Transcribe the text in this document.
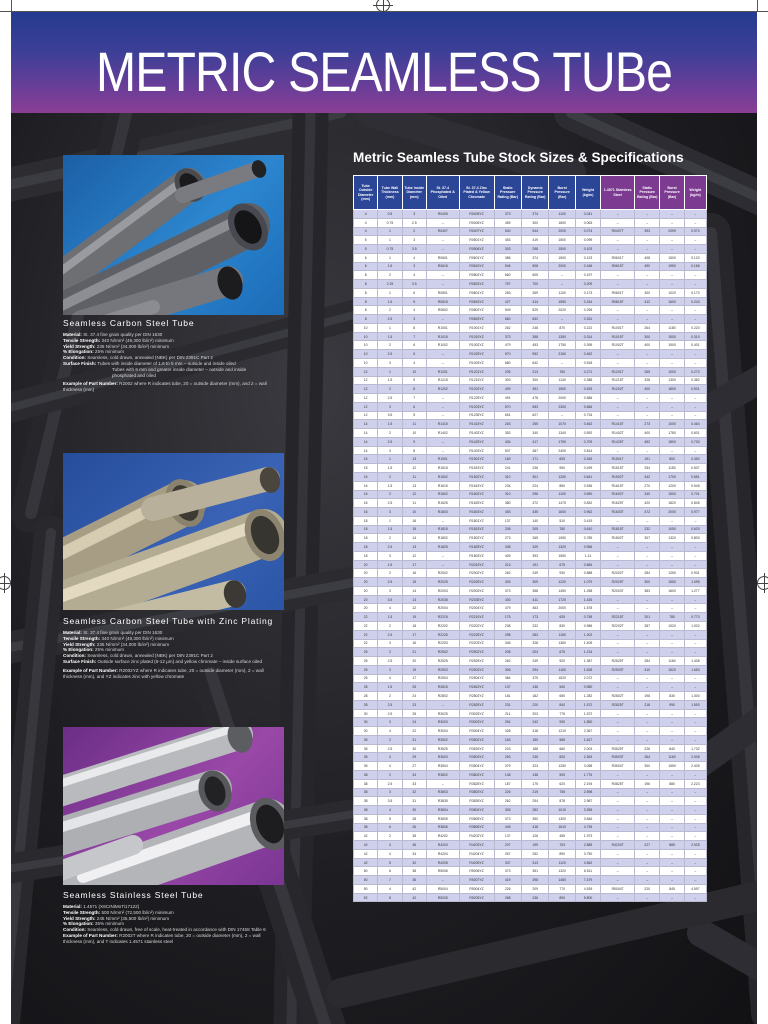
METRIC SEAMLESS TUBe
Seamless Carbon Steel Tube
Material: St. 37.4 fine grain quality per DIN 1630
Tensile Strength: 340 N/mm² (49,300 lb/in²) minimum
Yield Strength: 235 N/mm² (34,000 lb/in²) minimum
% Elongation: 25% minimum
Condition: Seamless, cold drawn, annealed (NBK) per DIN 2391C Part 2
Surface Finish: Tubes with inside diameter of 1.6 to 5 mm – outside and inside oiled
Tubes with 6 mm and greater inside diameter – outside and inside phosphated and oiled
Example of Part Number: R2002 where R indicates tube, 20 = outside diameter (mm), and 2 = wall thickness (mm)
Seamless Carbon Steel Tube with Zinc Plating
Material: St. 37.4 fine grain quality per DIN 1630
Tensile Strength: 340 N/mm² (49,300 lb/in²) minimum
Yield Strength: 235 N/mm² (34,000 lb/in²) minimum
% Elongation: 25% minimum
Condition: Seamless, cold drawn, annealed (NBK) per DIN 2391C Part 2
Surface Finish: Outside surface zinc plated (8-12 µm) and yellow chromate – inside surface oiled
Example of Part Number: R2002YZ where R indicates tube, 20 = outside diameter (mm), 2 = wall thickness (mm), and YZ indicates zinc with yellow chromate
Seamless Stainless Steel Tube
Material: 1.4571 (X6CrNiMoTi17122)
Tensile Strength: 500 N/mm² (72,500 lb/in²) minimum
Yield Strength: 245 N/mm² (35,500 lb/in²) minimum
% Elongation: 35% minimum
Condition: Seamless, cold drawn, free of scale, heat-treated in accordance with DIN 17458 Table 6
Example of Part Number: R2002T where R indicates tube, 20 = outside diameter (mm), 2 = wall thickness (mm), and T indicates 1.4571 stainless steel
Metric Seamless Tube Stock Sizes & Specifications
Tube Outside Diameter (mm)	Tube Wall Thickness (mm)	Tube Inside Diameter (mm)	St. 37.4 Phosphated & Oiled	St. 37.4 Zinc Plated & Yellow Chromate	Static Pressure Rating (Bar)	Dynamic Pressure Rating (Bar)	Burst Pressure (Bar)	Weight (kg/m)	1.4571 Stainless Steel	Static Pressure Rating (Bar)	Burst Pressure (Bar)	Weight (kg/m)
4	0.5	3	R0405	R0405YZ	373	374	1100	0.041	–	–	–	–
4	0.75	2.5	–	R0406YZ	459	300	1600	0.063	–	–	–	–
4	1	2	R0407	R0407YZ	540	544	2000	0.074	R0407T	393	2090	0.070
5	1	3	–	R0501YZ	453	419	1500	0.099	–	–	–	–
5	0.75	3.5	–	R0506YZ	303	298	1500	0.103	–	–	–	–
6	1	4	R0601	R0601YZ	386	374	1500	0.123	R0601T	408	1500	0.120
6	1.5	3	R0615	R0615YZ	546	508	2000	0.166	R0615T	490	1950	0.166
8	2	4	–	R0802YZ	660	605	–	0.197	–	–	–	–
8	2.25	3.5	–	R0823YZ	757	700	–	0.209	–	–	–	–
8	1	6	R0801	R0801YZ	283	269	1100	0.173	R0801T	300	1020	0.170
8	1.5	5	R0815	R0815YZ	427	414	1550	0.244	R0815T	412	1600	0.243
8	2	4	R0802	R0802YZ	549	529	2020	0.296	–	–	–	–
8	2.5	3	–	R0825YZ	660	632	–	0.331	–	–	–	–
10	1	8	R1001	R1001YZ	262	248	870	0.222	R1001T	264	1180	0.220
10	1.5	7	R1015	R1015YZ	373	358	1350	0.314	R1015T	300	1500	0.310
10	2	6	R1002	R1002YZ	479	453	1750	0.395	R1002T	400	1900	0.401
10	2.5	5	–	R1025YZ	570	552	2160	0.462	–	–	–	–
10	3	4	–	R1003YZ	680	642	–	0.518	–	–	–	–
12	1	10	R1201	R1201YZ	205	213	760	0.271	R1201T	265	1000	0.270
12	1.5	9	R1215	R1215YZ	303	300	1140	0.388	R1215T	328	1300	0.382
12	2	8	R1202	R1202YZ	409	391	1500	0.493	R1202T	400	1800	0.501
12	2.5	7	–	R1225YZ	491	478	2000	0.586	–	–	–	–
12	3	6	–	R1203YZ	570	553	2300	0.666	–	–	–	–
12	3.5	5	–	R1235YZ	651	627	–	0.734	–	–	–	–
14	1.5	11	R1415	R1415YZ	263	255	1070	0.462	R1415T	273	1000	0.464
14	2	10	R1402	R1402YZ	353	340	1340	0.592	R1402T	400	1780	0.601
14	2.5	9	–	R1425YZ	434	417	1750	0.709	R1425T	452	1800	0.730
14	3	8	–	R1403YZ	507	487	2400	0.814	–	–	–	–
15	1	13	R1501	R1501YZ	169	171	605	0.345	R1501T	191	800	0.350
15	1.5	12	R1515	R1515YZ	241	236	950	0.499	R1515T	254	1150	0.507
15	2	11	R1502	R1502YZ	310	301	1250	0.641	R1502T	342	1700	0.651
16	1.5	13	R1615	R1615YZ	234	224	850	0.536	R1615T	270	1200	0.545
16	2	12	R1602	R1602YZ	310	296	1100	0.690	R1602T	340	1500	0.701
16	2.5	11	R1625	R1625YZ	380	372	1475	0.832	R1625T	420	1820	0.845
16	3	10	R1603	R1603YZ	453	435	1600	0.962	R1603T	472	2000	0.977
18	1	16	–	R1801YZ	137	140	510	0.419	–	–	–	–
18	1.5	15	R1815	R1815YZ	208	205	780	0.610	R1815T	232	1050	0.620
18	2	14	R1802	R1802YZ	273	265	1050	0.789	R1802T	307	1320	0.800
18	2.5	13	R1825	R1825YZ	338	329	1320	0.956	–	–	–	–
18	3	12	–	R1803YZ	409	393	1550	1.11	–	–	–	–
20	1.5	17	–	R2015YZ	213	191	675	0.684	–	–	–	–
20	2	16	R2002	R2002YZ	262	249	930	0.888	R2002T	284	1250	0.901
20	2.5	15	R2025	R2025YZ	303	309	1220	1.079	R2025T	300	1550	1.095
20	3	14	R2003	R2003YZ	373	358	1450	1.258	R2003T	383	1600	1.277
20	3.5	13	R2035	R2035YZ	430	411	1720	1.426	–	–	–	–
20	4	12	R2004	R2004YZ	479	463	2000	1.578	–	–	–	–
22	1.5	19	R2215	R2215YZ	175	173	625	0.758	R2215T	201	780	0.770
22	2	18	R2202	R2202YZ	238	232	830	0.986	R2202T	287	1020	1.002
22	2.5	17	R2225	R2225YZ	298	283	1160	1.202	–	–	–	–
22	3	16	R2203	R2203YZ	346	328	1360	1.405	–	–	–	–
25	2	21	R2502	R2502YZ	208	204	675	1.134	–	–	–	–
25	2.5	20	R2525	R2525YZ	262	249	920	1.387	R2525T	284	1160	1.408
25	3	19	R2503	R2503YZ	306	294	1160	1.628	R2503T	310	1520	1.653
25	4	17	R2504	R2504YZ	384	379	1520	2.072	–	–	–	–
28	1.5	25	R2815	R2815YZ	137	136	540	0.980	–	–	–	–
28	2	24	R2802	R2802YZ	181	182	650	1.282	R2802T	198	830	1.300
28	2.5	23	–	R2825YZ	231	220	840	1.572	R2825T	218	990	1.593
30	2.5	25	R3025	R3025YZ	211	203	775	1.572	–	–	–	–
30	3	24	R3003	R3003YZ	254	242	930	1.850	–	–	–	–
30	4	22	R3004	R3004YZ	328	318	1210	2.367	–	–	–	–
35	2	31	R3502	R3502YZ	163	150	565	1.627	–	–	–	–
35	2.5	30	R3525	R3525YZ	203	188	660	2.003	R3525T	226	840	1.732
35	3	29	R3503	R3503YZ	253	235	820	2.363	R3503T	264	1160	2.006
35	4	27	R3504	R3504YZ	379	323	1250	3.058	R3504T	300	1550	2.405
38	2	34	R3802	R3802YZ	148	138	505	1.776	–	–	–	–
38	2.5	33	–	R3825YZ	187	175	620	2.194	R3825T	196	880	2.223
38	3	32	R3803	R3803YZ	226	219	755	2.598	–	–	–	–
38	3.5	31	R3835	R3835YZ	262	254	878	2.987	–	–	–	–
38	4	30	R3804	R3804YZ	305	282	1010	3.355	–	–	–	–
38	5	28	R3805	R3805YZ	373	350	1300	3.846	–	–	–	–
38	6	26	R3806	R3806YZ	445	418	1610	4.735	–	–	–	–
42	2	38	R4202	R4202YZ	137	126	455	1.973	–	–	–	–
42	3	36	R4203	R4203YZ	207	199	703	2.885	R4203T	227	885	2.925
42	4	34	R4204	R4204YZ	267	252	890	3.750	–	–	–	–
42	5	32	R4205	R4205YZ	337	313	1120	4.562	–	–	–	–
50	6	38	R5006	R5006YZ	373	351	1320	6.511	–	–	–	–
50	7	36	–	R5007YZ	419	398	1480	7.479	–	–	–	–
50	4	42	R5004	R5004YZ	226	209	770	4.539	R5004T	220	845	4.597
52	5	42	R5205	R5205YZ	268	236	890	5.800	–	–	–	–
